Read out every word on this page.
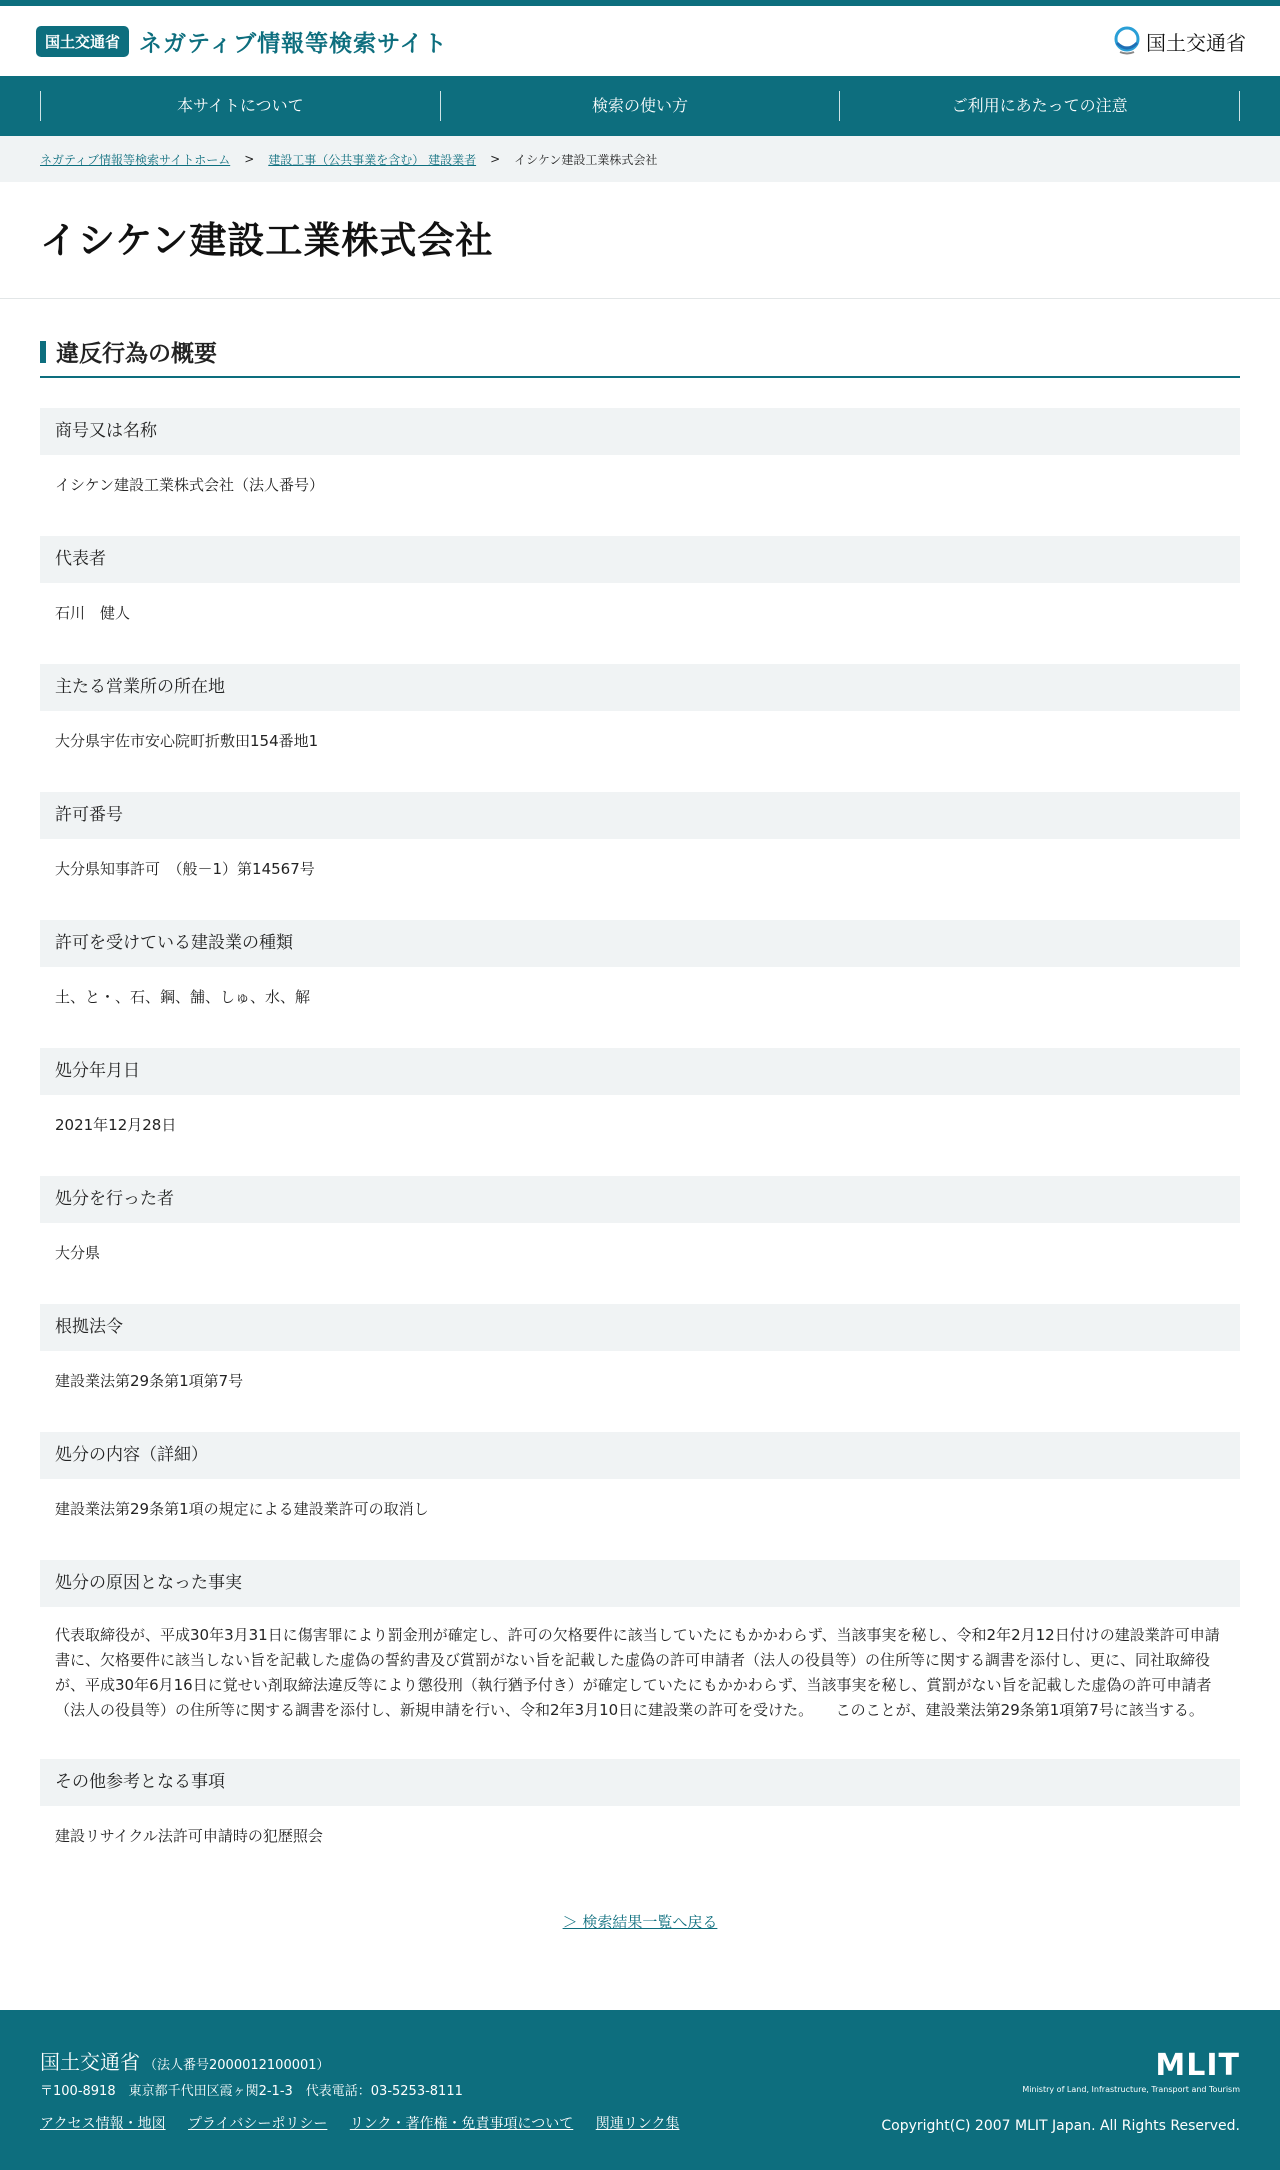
国土交通省 ネガティブ情報等検索サイト	国土交通省
本サイトについて	検索の使い方	ご利用にあたっての注意
ネガティブ情報等検索サイトホーム > 建設工事（公共事業を含む） 建設業者 > イシケン建設工業株式会社
イシケン建設工業株式会社
違反行為の概要
商号又は名称
イシケン建設工業株式会社（法人番号）
代表者
石川　健人
主たる営業所の所在地
大分県宇佐市安心院町折敷田154番地1
許可番号
大分県知事許可　（般－1）第14567号
許可を受けている建設業の種類
土、と・、石、鋼、舗、しゅ、水、解
処分年月日
2021年12月28日
処分を行った者
大分県
根拠法令
建設業法第29条第1項第7号
処分の内容（詳細）
建設業法第29条第1項の規定による建設業許可の取消し
処分の原因となった事実
代表取締役が、平成30年3月31日に傷害罪により罰金刑が確定し、許可の欠格要件に該当していたにもかかわらず、当該事実を秘し、令和2年2月12日付けの建設業許可申請書に、欠格要件に該当しない旨を記載した虚偽の誓約書及び賞罰がない旨を記載した虚偽の許可申請者（法人の役員等）の住所等に関する調書を添付し、更に、同社取締役が、平成30年6月16日に覚せい剤取締法違反等により懲役刑（執行猶予付き）が確定していたにもかかわらず、当該事実を秘し、賞罰がない旨を記載した虚偽の許可申請者（法人の役員等）の住所等に関する調書を添付し、新規申請を行い、令和2年3月10日に建設業の許可を受けた。　　このことが、建設業法第29条第1項第7号に該当する。
その他参考となる事項
建設リサイクル法許可申請時の犯歴照会
＞ 検索結果一覧へ戻る
国土交通省 （法人番号2000012100001）
〒100-8918　東京都千代田区霞ヶ関2-1-3　代表電話：03-5253-8111
アクセス情報・地図 プライバシーポリシー リンク・著作権・免責事項について 関連リンク集
MLIT
Ministry of Land, Infrastructure, Transport and Tourism
Copyright(C) 2007 MLIT Japan. All Rights Reserved.
